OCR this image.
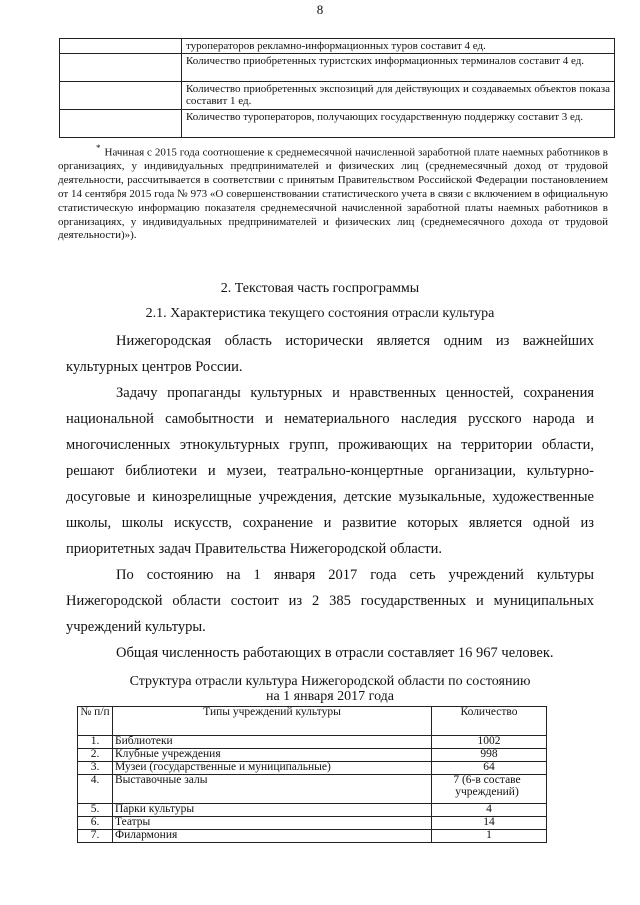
8
	туроператоров рекламно-информационных туров составит 4 ед.
	Количество приобретенных туристских информационных терминалов составит 4 ед.
	Количество приобретенных экспозиций для действующих и создаваемых объектов показа составит 1 ед.
	Количество туроператоров, получающих государственную поддержку составит 3 ед.
* Начиная с 2015 года соотношение к среднемесячной начисленной заработной плате наемных работников в организациях, у индивидуальных предпринимателей и физических лиц (среднемесячный доход от трудовой деятельности, рассчитывается в соответствии с принятым Правительством Российской Федерации постановлением от 14 сентября 2015 года № 973 «О совершенствовании статистического учета в связи с включением в официальную статистическую информацию показателя среднемесячной начисленной заработной платы наемных работников в организациях, у индивидуальных предпринимателей и физических лиц (среднемесячного дохода от трудовой деятельности)»).
2. Текстовая часть госпрограммы
2.1. Характеристика текущего состояния отрасли культура
Нижегородская область исторически является одним из важнейших культурных центров России.
Задачу пропаганды культурных и нравственных ценностей, сохранения национальной самобытности и нематериального наследия русского народа и многочисленных этнокультурных групп, проживающих на территории области, решают библиотеки и музеи, театрально-концертные организации, культурно-досуговые и кинозрелищные учреждения, детские музыкальные, художественные школы, школы искусств, сохранение и развитие которых является одной из приоритетных задач Правительства Нижегородской области.
По состоянию на 1 января 2017 года сеть учреждений культуры Нижегородской области состоит из 2 385 государственных и муниципальных учреждений культуры.
Общая численность работающих в отрасли составляет 16 967 человек.
Структура отрасли культура Нижегородской области по состоянию
на 1 января 2017 года
№ п/п	Типы учреждений культуры	Количество
1.	Библиотеки	1002
2.	Клубные учреждения	998
3.	Музеи (государственные и муниципальные)	64
4.	Выставочные залы	7 (6-в составе учреждений)
5.	Парки культуры	4
6.	Театры	14
7.	Филармония	1
